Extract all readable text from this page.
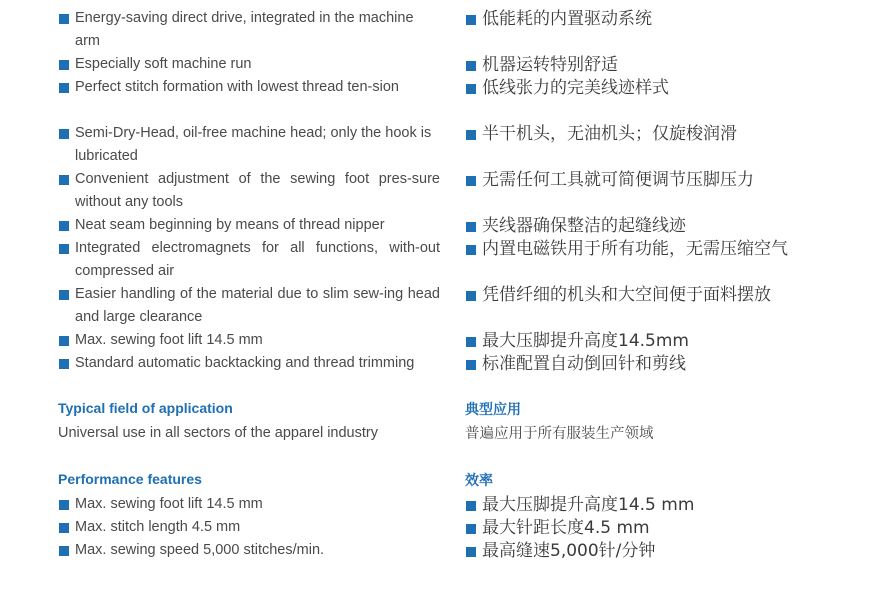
Energy-saving direct drive, integrated in the machine arm
Especially soft machine run
Perfect stitch formation with lowest thread ten-sion
Semi-Dry-Head, oil-free machine head; only the hook is lubricated
Convenient adjustment of the sewing foot pres-sure without any tools
Neat seam beginning by means of thread nipper
Integrated electromagnets for all functions, with-out compressed air
Easier handling of the material due to slim sew-ing head and large clearance
Max. sewing foot lift 14.5 mm
Standard automatic backtacking and thread trimming
Typical field of application

Universal use in all sectors of the apparel industry

Performance features
Max. sewing foot lift 14.5 mm
Max. stitch length 4.5 mm
Max. sewing speed 5,000 stitches/min.
低能耗的内置驱动系统
机器运转特别舒适
低线张力的完美线迹样式
半干机头，无油机头；仅旋梭润滑
无需任何工具就可简便调节压脚压力
夹线器确保整洁的起缝线迹
内置电磁铁用于所有功能，无需压缩空气
凭借纤细的机头和大空间便于面料摆放
最大压脚提升高度14.5mm
标准配置自动倒回针和剪线
典型应用

普遍应用于所有服装生产领域

效率
最大压脚提升高度14.5 mm
最大针距长度4.5 mm
最高缝速5,000针/分钟
